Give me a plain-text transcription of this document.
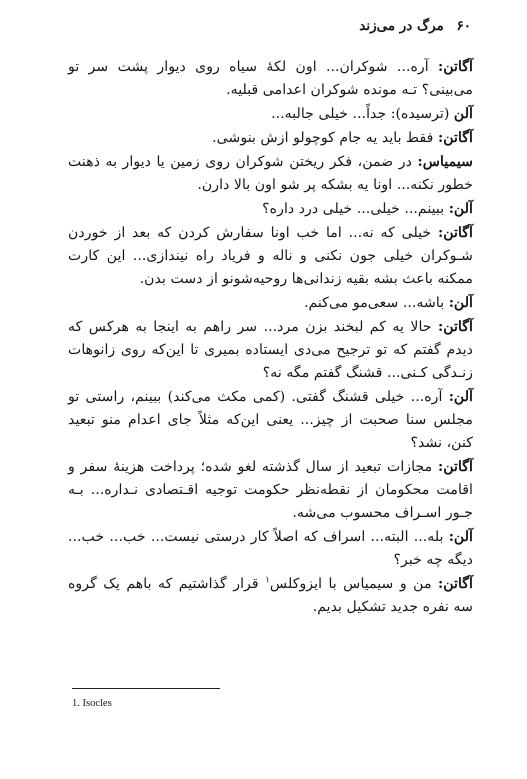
۶۰ مرگ در می‌زند

آگاتن: آره... شوکران... اون لکهٔ سیاه روی دیوار پشت سر تو می‌بینی؟ تـه مونده شوکران اعدامی قبلیه.

آلن (ترسیده): جداً... خیلی جالبه...

آگاتن: فقط باید یه جام کوچولو ازش بنوشی.

سیمیاس: در ضمن، فکر ریختن شوکران روی زمین یا دیوار به ذهنت خطور نکنه... اونا یه بشکه پر شو اون بالا دارن.

آلن: ببینم... خیلی... خیلی درد داره؟

آگاتن: خیلی که نه... اما خب اونا سفارش کردن که بعد از خوردن شـوکران خیلی جون نکنی و ناله و فریاد راه نیندازی... این کارت ممکنه باعث بشه بقیه زندانی‌ها روحیه‌شونو از دست بدن.

آلن: باشه... سعی‌مو می‌کنم.

آگاتن: حالا یه کم لبخند بزن مرد... سر راهم به اینجا به هرکس که دیدم گفتم که تو ترجیح می‌دی ایستاده بمیری تا این‌که روی زانوهات زنـدگی کـنی... قشنگ گفتم مگه نه؟

آلن: آره... خیلی قشنگ گفتی. (کمی مکث می‌کند) ببینم، راستی تو مجلس سنا صحبت از چیز... یعنی این‌که مثلاً جای اعدام منو تبعید کنن، نشد؟

آگاتن: مجازات تبعید از سال گذشته لغو شده؛ پرداخت هزینهٔ سفر و اقامت محکومان از نقطه‌نظر حکومت توجیه اقـتصادی نـداره... بـه جـور اسـراف محسوب می‌شه.

آلن: بله... البته... اسراف که اصلاً کار درستی نیست... خب... خب... دیگه چه خبر؟

آگاتن: من و سیمیاس با ایزوکلس$^۱$ قرار گذاشتیم که باهم یک گروه سه نفره جدید تشکیل بدیم.

1. Isocles
